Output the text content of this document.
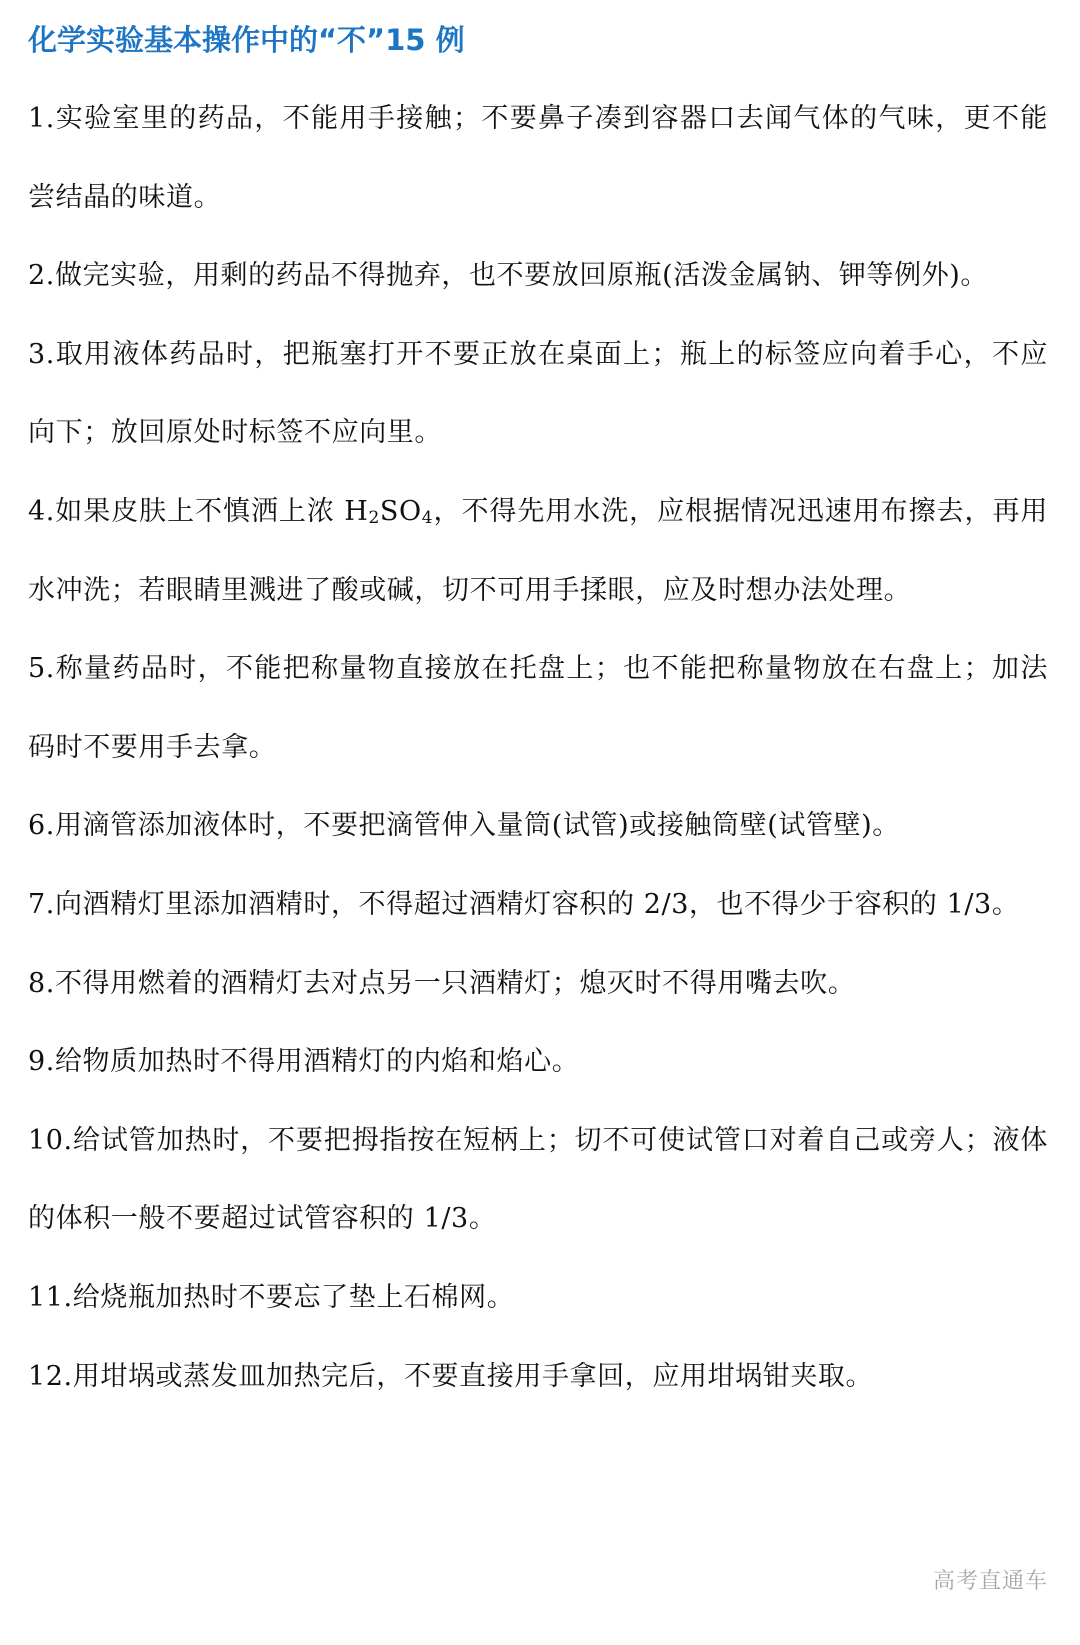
化学实验基本操作中的“不”15 例

1.实验室里的药品，不能用手接触；不要鼻子凑到容器口去闻气体的气味，更不能尝结晶的味道。

2.做完实验，用剩的药品不得抛弃，也不要放回原瓶(活泼金属钠、钾等例外)。

3.取用液体药品时，把瓶塞打开不要正放在桌面上；瓶上的标签应向着手心，不应向下；放回原处时标签不应向里。

4.如果皮肤上不慎洒上浓 $H_2SO_4$，不得先用水洗，应根据情况迅速用布擦去，再用水冲洗；若眼睛里溅进了酸或碱，切不可用手揉眼，应及时想办法处理。

5.称量药品时，不能把称量物直接放在托盘上；也不能把称量物放在右盘上；加法码时不要用手去拿。

6.用滴管添加液体时，不要把滴管伸入量筒(试管)或接触筒壁(试管壁)。

7.向酒精灯里添加酒精时，不得超过酒精灯容积的 2/3，也不得少于容积的 1/3。

8.不得用燃着的酒精灯去对点另一只酒精灯；熄灭时不得用嘴去吹。

9.给物质加热时不得用酒精灯的内焰和焰心。

10.给试管加热时，不要把拇指按在短柄上；切不可使试管口对着自己或旁人；液体的体积一般不要超过试管容积的 1/3。

11.给烧瓶加热时不要忘了垫上石棉网。

12.用坩埚或蒸发皿加热完后，不要直接用手拿回，应用坩埚钳夹取。

高考直通车
